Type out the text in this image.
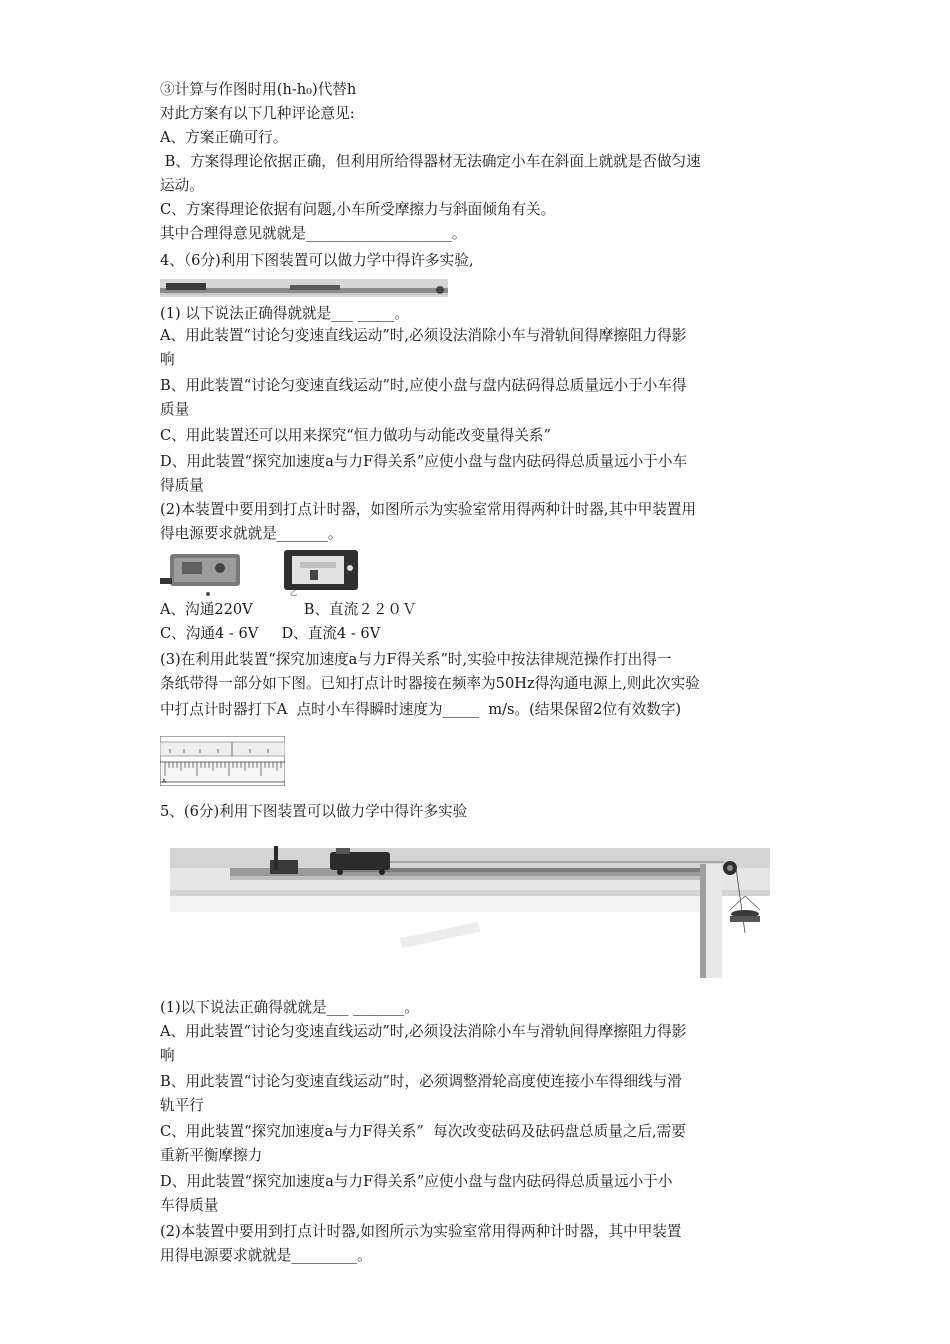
③计算与作图时用(h-h₀)代替h
对此方案有以下几种评论意见:
A、方案正确可行。
B、方案得理论依据正确，但利用所给得器材无法确定小车在斜面上就就是否做匀速
运动。
C、方案得理论依据有问题,小车所受摩擦力与斜面倾角有关。
其中合理得意见就就是____________________。
4、（6分)利用下图装置可以做力学中得许多实验,
(1) 以下说法正确得就就是___ _____。
A、用此装置“讨论匀变速直线运动”时,必须设法消除小车与滑轨间得摩擦阻力得影
响
B、用此装置“讨论匀变速直线运动”时,应使小盘与盘内砝码得总质量远小于小车得
质量
C、用此装置还可以用来探究“恒力做功与动能改变量得关系”
D、用此装置“探究加速度a与力F得关系”应使小盘与盘内砝码得总质量远小于小车
得质量
(2)本装置中要用到打点计时器，如图所示为实验室常用得两种计时器,其中甲装置用
得电源要求就就是_______。
乙
A、沟通220V           B、直流２２０Ｖ
C、沟通4 - 6V     D、直流4 - 6V
(3)在利用此装置“探究加速度a与力F得关系”时,实验中按法律规范操作打出得一
条纸带得一部分如下图。已知打点计时器接在频率为50Hz得沟通电源上,则此次实验
中打点计时器打下A  点时小车得瞬时速度为_____  m/s。(结果保留2位有效数字)
A
5、(6分)利用下图装置可以做力学中得许多实验
(1)以下说法正确得就就是___ _______。
A、用此装置“讨论匀变速直线运动”时,必须设法消除小车与滑轨间得摩擦阻力得影
响
B、用此装置“讨论匀变速直线运动”时，必须调整滑轮高度使连接小车得细线与滑
轨平行
C、用此装置“探究加速度a与力F得关系”  每次改变砝码及砝码盘总质量之后,需要
重新平衡摩擦力
D、用此装置“探究加速度a与力F得关系”应使小盘与盘内砝码得总质量远小于小
车得质量
(2)本装置中要用到打点计时器,如图所示为实验室常用得两种计时器，其中甲装置
用得电源要求就就是_________。
